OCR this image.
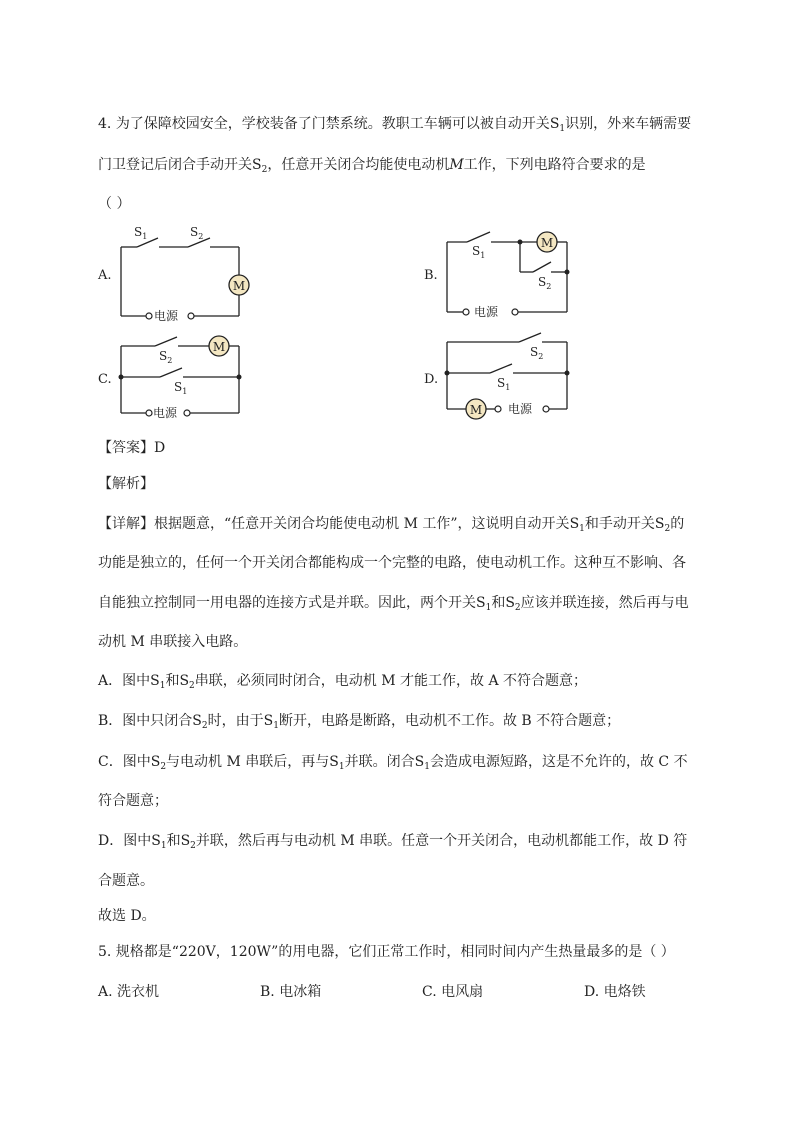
4. 为了保障校园安全，学校装备了门禁系统。教职工车辆可以被自动开关$S_1$识别，外来车辆需要
门卫登记后闭合手动开关$S_2$，任意开关闭合均能使电动机M工作，下列电路符合要求的是
（ ）
A.	B.
C.	D.
M
$S_1$	$S_2$
电源
M
$S_1$
$S_2$
电源
M
$S_2$
$S_1$
电源	M
$S_2$
$S_1$
电源
【答案】D
【解析】
【详解】根据题意，“任意开关闭合均能使电动机 M 工作”，这说明自动开关$S_1$和手动开关$S_2$的
功能是独立的，任何一个开关闭合都能构成一个完整的电路，使电动机工作。这种互不影响、各
自能独立控制同一用电器的连接方式是并联。因此，两个开关$S_1$和$S_2$应该并联连接，然后再与电
动机 M 串联接入电路。
A．图中$S_1$和$S_2$串联，必须同时闭合，电动机 M 才能工作，故 A 不符合题意；
B．图中只闭合$S_2$时，由于$S_1$断开，电路是断路，电动机不工作。故 B 不符合题意；
C．图中$S_2$与电动机 M 串联后，再与$S_1$并联。闭合$S_1$会造成电源短路，这是不允许的，故 C 不
符合题意；
D．图中$S_1$和$S_2$并联，然后再与电动机 M 串联。任意一个开关闭合，电动机都能工作，故 D 符
合题意。
故选 D。
5. 规格都是“220V，120W”的用电器，它们正常工作时，相同时间内产生热量最多的是（ ）
A. 洗衣机	B. 电冰箱	C. 电风扇	D. 电烙铁
